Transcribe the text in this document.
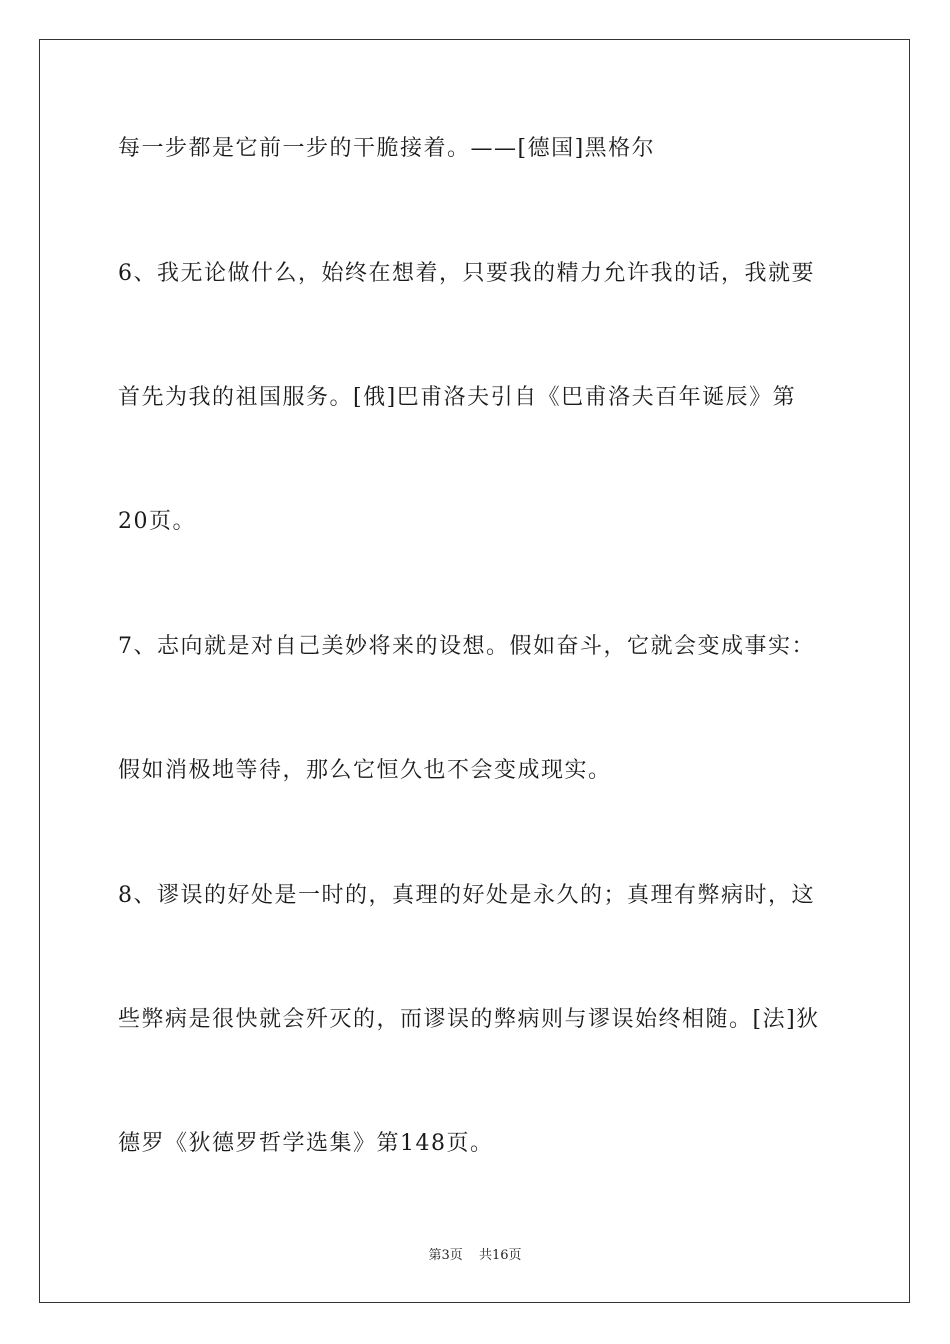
每一步都是它前一步的干脆接着。——[德国]黑格尔
6、我无论做什么，始终在想着，只要我的精力允许我的话，我就要
首先为我的祖国服务。[俄]巴甫洛夫引自《巴甫洛夫百年诞辰》第
20页。
7、志向就是对自己美妙将来的设想。假如奋斗，它就会变成事实：
假如消极地等待，那么它恒久也不会变成现实。
8、谬误的好处是一时的，真理的好处是永久的；真理有弊病时，这
些弊病是很快就会歼灭的，而谬误的弊病则与谬误始终相随。[法]狄
德罗《狄德罗哲学选集》第148页。
第3页 共16页
